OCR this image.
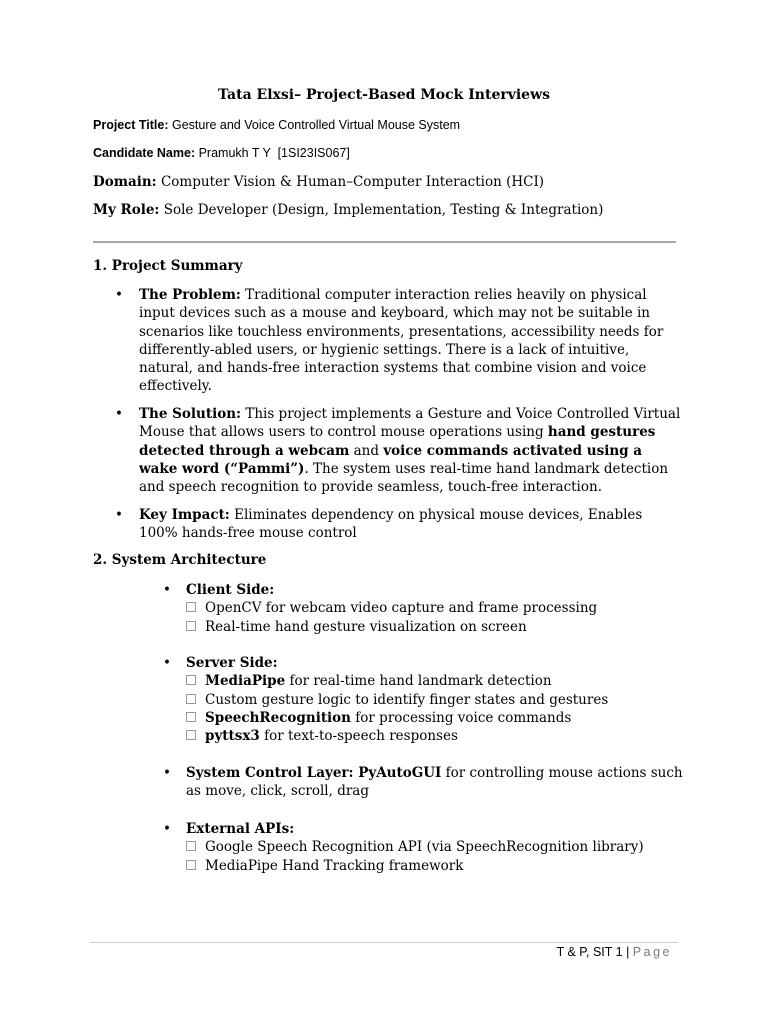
Tata Elxsi– Project-Based Mock Interviews
Project Title: Gesture and Voice Controlled Virtual Mouse System
Candidate Name: Pramukh T Y  [1SI23IS067]
Domain: Computer Vision & Human–Computer Interaction (HCI)
My Role: Sole Developer (Design, Implementation, Testing & Integration)
1. Project Summary
• The Problem: Traditional computer interaction relies heavily on physical input devices such as a mouse and keyboard, which may not be suitable in scenarios like touchless environments, presentations, accessibility needs for differently-abled users, or hygienic settings. There is a lack of intuitive, natural, and hands-free interaction systems that combine vision and voice effectively.
• The Solution: This project implements a Gesture and Voice Controlled Virtual Mouse that allows users to control mouse operations using hand gestures detected through a webcam and voice commands activated using a wake word (“Pammi”). The system uses real-time hand landmark detection and speech recognition to provide seamless, touch-free interaction.
• Key Impact: Eliminates dependency on physical mouse devices, Enables 100% hands-free mouse control
2. System Architecture
• Client Side:
OpenCV for webcam video capture and frame processing
Real-time hand gesture visualization on screen
• Server Side:
MediaPipe for real-time hand landmark detection
Custom gesture logic to identify finger states and gestures
SpeechRecognition for processing voice commands
pyttsx3 for text-to-speech responses
• System Control Layer: PyAutoGUI for controlling mouse actions such as move, click, scroll, drag
• External APIs:
Google Speech Recognition API (via SpeechRecognition library)
MediaPipe Hand Tracking framework
T & P, SIT 1 | Page
